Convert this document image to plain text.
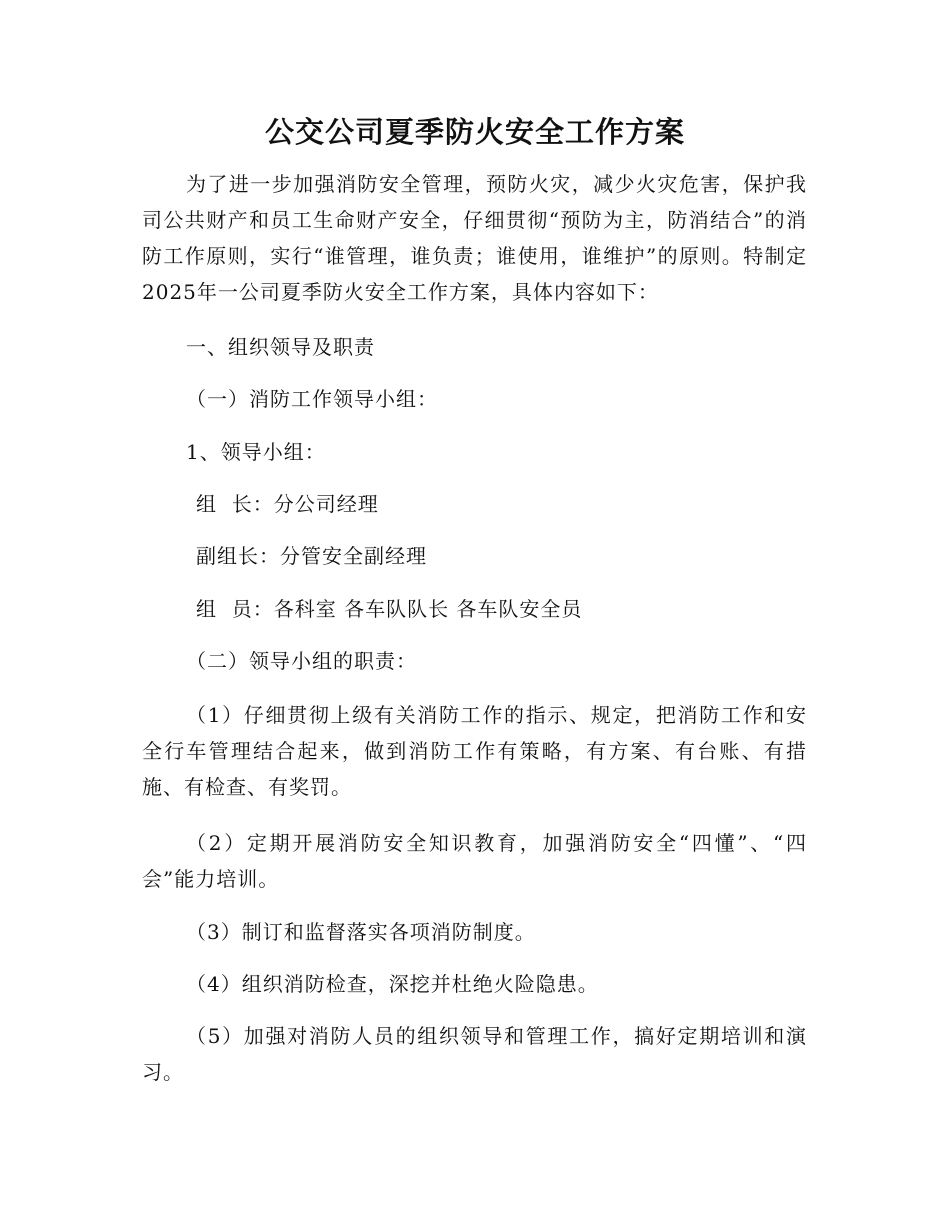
公交公司夏季防火安全工作方案

为了进一步加强消防安全管理，预防火灾，减少火灾危害，保护我司公共财产和员工生命财产安全，仔细贯彻“预防为主，防消结合”的消防工作原则，实行“谁管理，谁负责；谁使用，谁维护”的原则。特制定2025年一公司夏季防火安全工作方案，具体内容如下：

一、组织领导及职责

（一）消防工作领导小组：

1、领导小组：

组  长：分公司经理

副组长：分管安全副经理

组  员：各科室 各车队队长 各车队安全员

（二）领导小组的职责：

（1）仔细贯彻上级有关消防工作的指示、规定，把消防工作和安全行车管理结合起来，做到消防工作有策略，有方案、有台账、有措施、有检查、有奖罚。

（2）定期开展消防安全知识教育，加强消防安全“四懂”、“四会”能力培训。

（3）制订和监督落实各项消防制度。

（4）组织消防检查，深挖并杜绝火险隐患。

（5）加强对消防人员的组织领导和管理工作，搞好定期培训和演习。
